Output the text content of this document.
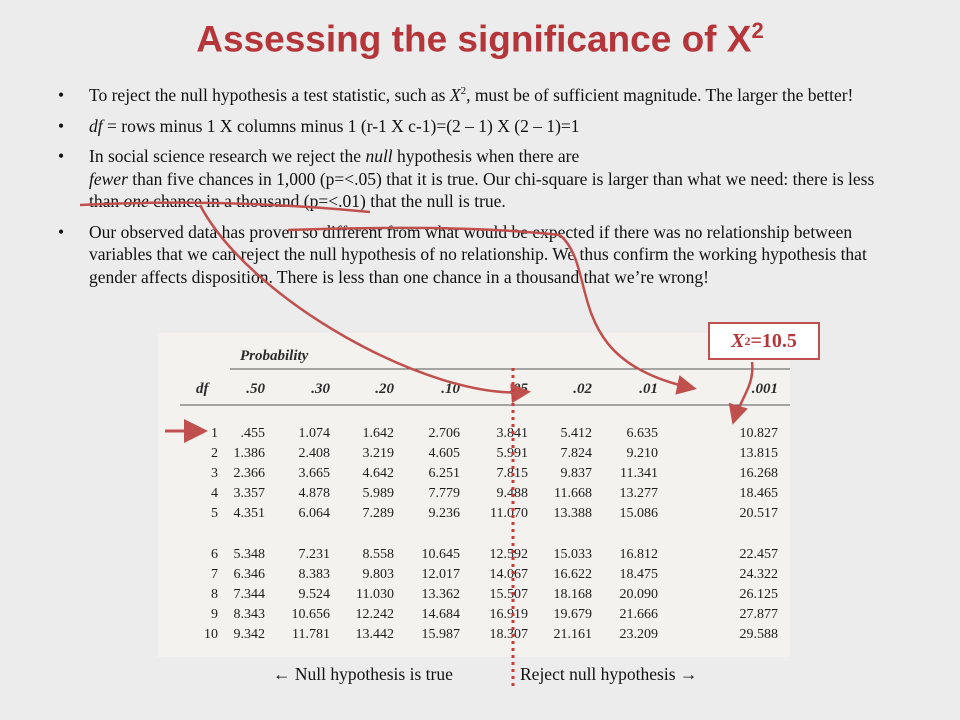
Assessing the significance of $X^2$
• To reject the null hypothesis a test statistic, such as $X^2$, must be of sufficient magnitude. The larger the better!

• df = rows minus 1 X columns minus 1 (r-1 X c-1)=(2 – 1) X (2 – 1)=1

• In social science research we reject the null hypothesis when there are
fewer than five chances in 1,000 (p=<.05) that it is true. Our chi-square is larger than what we need: there is less than one chance in a thousand (p=<.01) that the null is true.

• Our observed data has proven so different from what would be expected if there was no relationship between variables that we can reject the null hypothesis of no relationship. We thus confirm the working hypothesis that gender affects disposition. There is less than one chance in a thousand that we’re wrong!

Probability
df	.50	.30	.20	.10	.05	.02	.01	.001
1 .455 1.074 1.642 2.706	3.841 5.412 6.635	10.827
2 1.386 2.408 3.219 4.605	5.991 7.824 9.210	13.815
3 2.366 3.665 4.642 6.251	7.815 9.837 11.341	16.268
4 3.357 4.878 5.989 7.779	9.488 11.668 13.277	18.465
5 4.351 6.064 7.289 9.236 11.070 13.388 15.086	20.517
6 5.348 7.231 8.558 10.645 12.592 15.033 16.812	22.457
7 6.346 8.383 9.803 12.017 14.067 16.622 18.475	24.322
8 7.344 9.524 11.030 13.362 15.507 18.168 20.090	26.125
9 8.343 10.656 12.242 14.684 16.919 19.679 21.666	27.877
10 9.342 11.781 13.442 15.987 18.307 21.161 23.209	29.588
X 2 =10.5
← Null hypothesis is true	Reject null hypothesis →
